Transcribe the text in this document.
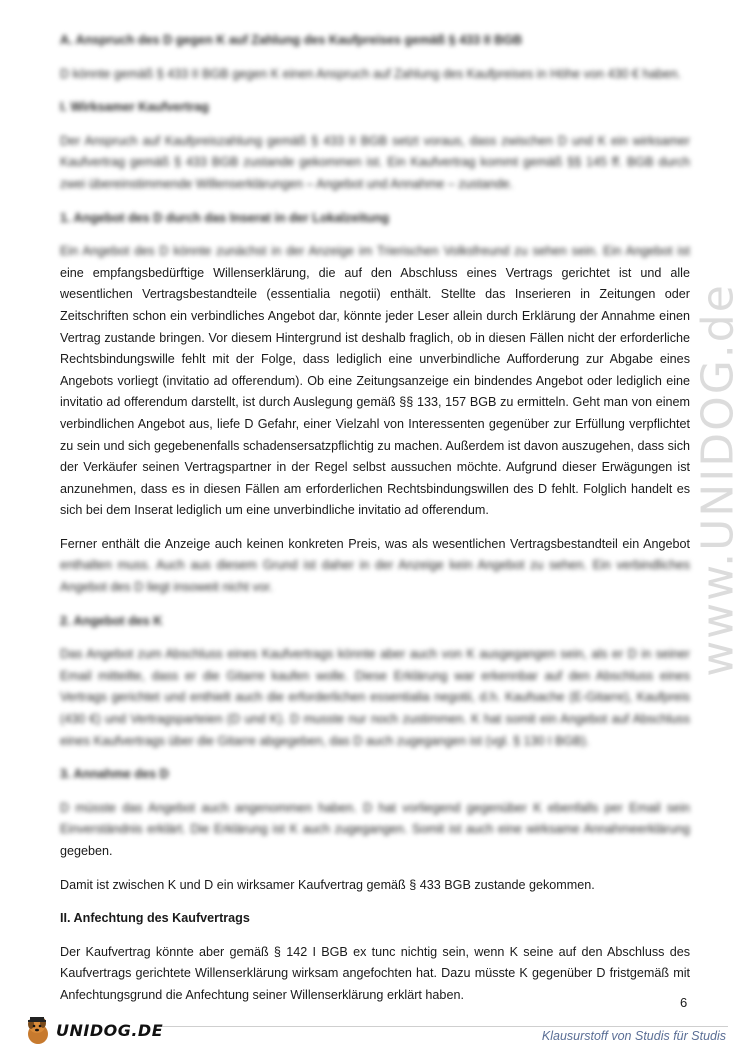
A. Anspruch des D gegen K auf Zahlung des Kaufpreises gemäß § 433 II BGB
D könnte gemäß § 433 II BGB gegen K einen Anspruch auf Zahlung des Kaufpreises in Höhe von 430 € haben.
I. Wirksamer Kaufvertrag
Der Anspruch auf Kaufpreiszahlung gemäß § 433 II BGB setzt voraus, dass zwischen D und K ein wirksamer Kaufvertrag gemäß § 433 BGB zustande gekommen ist. Ein Kaufvertrag kommt gemäß §§ 145 ff. BGB durch zwei übereinstimmende Willenserklärungen – Angebot und Annahme – zustande.
1. Angebot des D durch das Inserat in der Lokalzeitung
Ein Angebot des D könnte zunächst in der Anzeige im Trierischen Volksfreund zu sehen sein. Ein Angebot ist eine empfangsbedürftige Willenserklärung, die auf den Abschluss eines Vertrags gerichtet ist und alle wesentlichen Vertragsbestandteile (essentialia negotii) enthält. Stellte das Inserieren in Zeitungen oder Zeitschriften schon ein verbindliches Angebot dar, könnte jeder Leser allein durch Erklärung der Annahme einen Vertrag zustande bringen. Vor diesem Hintergrund ist deshalb fraglich, ob in diesen Fällen nicht der erforderliche Rechtsbindungswille fehlt mit der Folge, dass lediglich eine unverbindliche Aufforderung zur Abgabe eines Angebots vorliegt (invitatio ad offerendum). Ob eine Zeitungsanzeige ein bindendes Angebot oder lediglich eine invitatio ad offerendum darstellt, ist durch Auslegung gemäß §§ 133, 157 BGB zu ermitteln. Geht man von einem verbindlichen Angebot aus, liefe D Gefahr, einer Vielzahl von Interessenten gegenüber zur Erfüllung verpflichtet zu sein und sich gegebenenfalls schadensersatzpflichtig zu machen. Außerdem ist davon auszugehen, dass sich der Verkäufer seinen Vertragspartner in der Regel selbst aussuchen möchte. Aufgrund dieser Erwägungen ist anzunehmen, dass es in diesen Fällen am erforderlichen Rechtsbindungswillen des D fehlt. Folglich handelt es sich bei dem Inserat lediglich um eine unverbindliche invitatio ad offerendum.
Ferner enthält die Anzeige auch keinen konkreten Preis, was als wesentlichen Vertragsbestandteil ein Angebot enthalten muss. Auch aus diesem Grund ist daher in der Anzeige kein Angebot zu sehen. Ein verbindliches Angebot des D liegt insoweit nicht vor.
2. Angebot des K
Das Angebot zum Abschluss eines Kaufvertrags könnte aber auch von K ausgegangen sein, als er D in seiner Email mitteilte, dass er die Gitarre kaufen wolle. Diese Erklärung war erkennbar auf den Abschluss eines Vertrags gerichtet und enthielt auch die erforderlichen essentialia negotii, d.h. Kaufsache (E-Gitarre), Kaufpreis (430 €) und Vertragsparteien (D und K). D musste nur noch zustimmen. K hat somit ein Angebot auf Abschluss eines Kaufvertrags über die Gitarre abgegeben, das D auch zugegangen ist (vgl. § 130 I BGB).
3. Annahme des D
D müsste das Angebot auch angenommen haben. D hat vorliegend gegenüber K ebenfalls per Email sein Einverständnis erklärt. Die Erklärung ist K auch zugegangen. Somit ist auch eine wirksame Annahmeerklärung gegeben.
Damit ist zwischen K und D ein wirksamer Kaufvertrag gemäß § 433 BGB zustande gekommen.
II. Anfechtung des Kaufvertrags
Der Kaufvertrag könnte aber gemäß § 142 I BGB ex tunc nichtig sein, wenn K seine auf den Abschluss des Kaufvertrags gerichtete Willenserklärung wirksam angefochten hat. Dazu müsste K gegenüber D fristgemäß mit Anfechtungsgrund die Anfechtung seiner Willenserklärung erklärt haben.
www.UNIDOG.de
6
UNIDOG.DE	Klausurstoff von Studis für Studis
